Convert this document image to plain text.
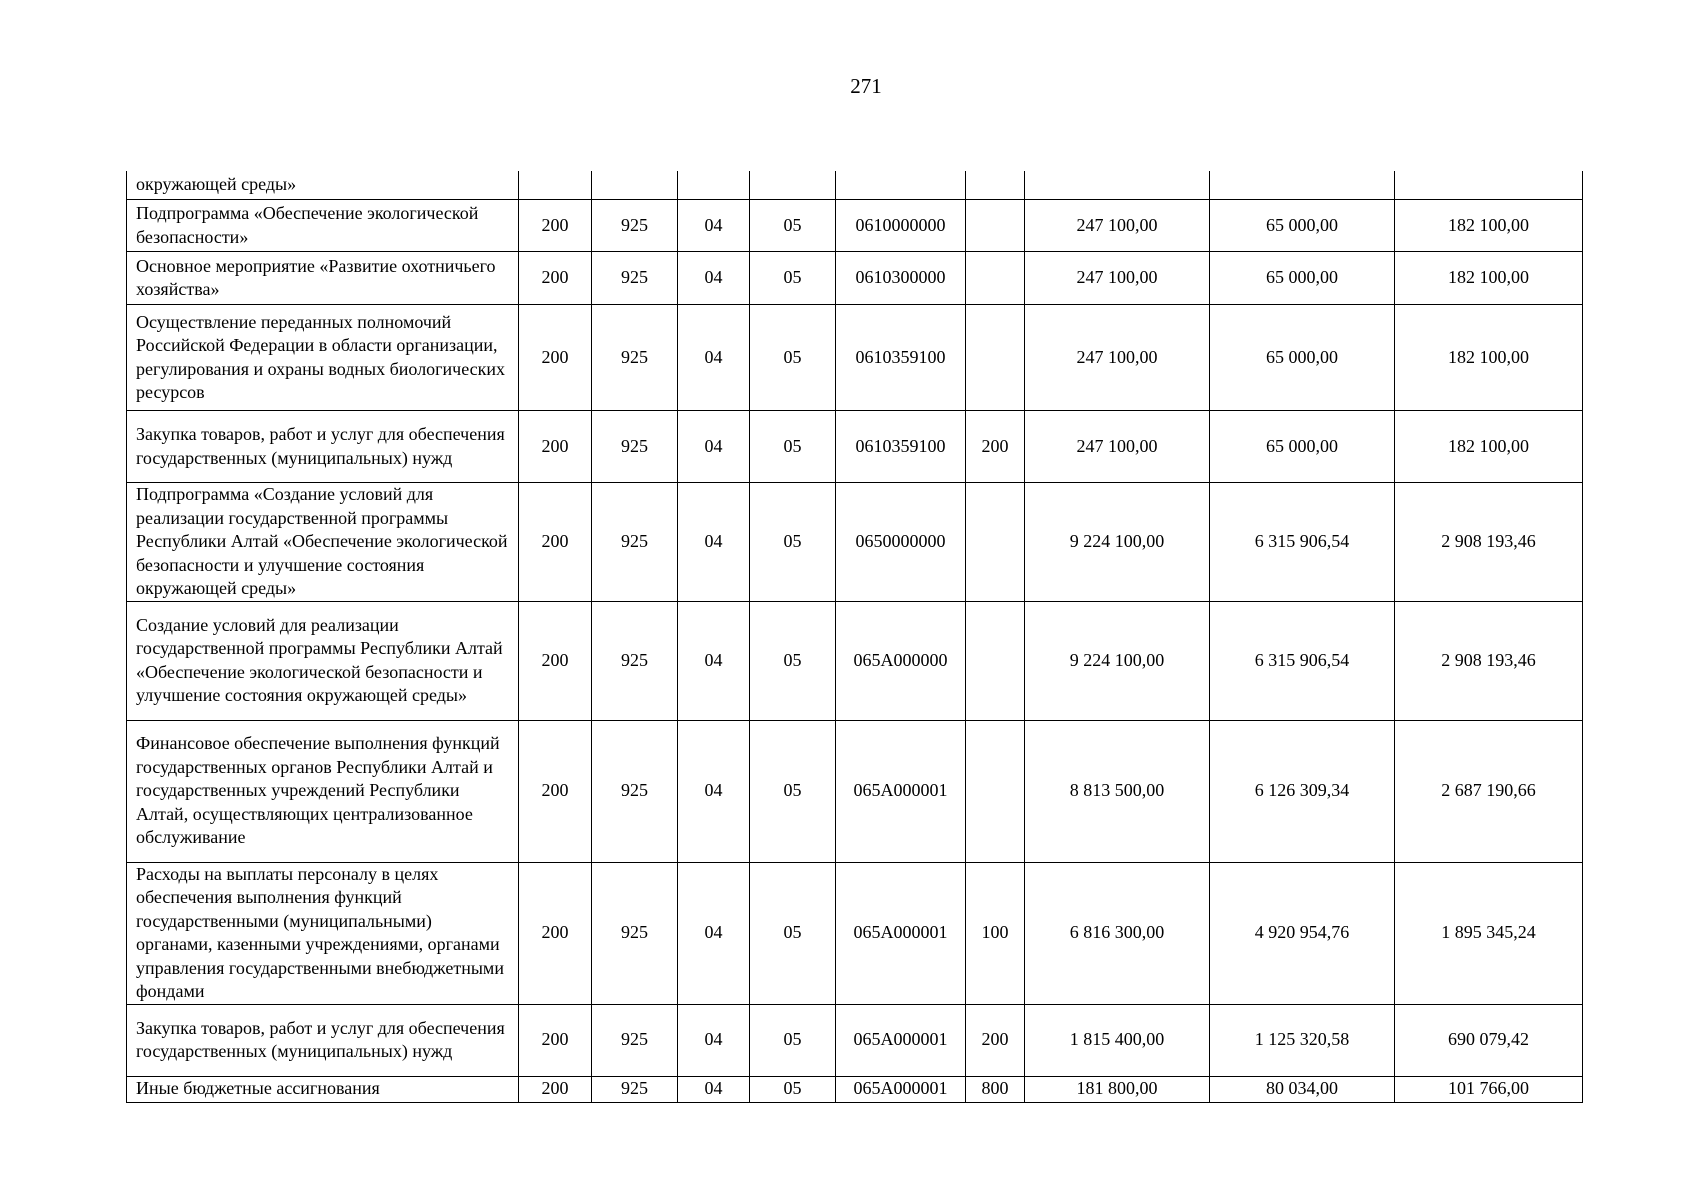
271
окружающей среды»									
Подпрограмма «Обеспечение экологической безопасности»	200	925	04	05	0610000000		247 100,00	65 000,00	182 100,00
Основное мероприятие «Развитие охотничьего хозяйства»	200	925	04	05	0610300000		247 100,00	65 000,00	182 100,00
Осуществление переданных полномочий Российской Федерации в области организации, регулирования и охраны водных биологических ресурсов	200	925	04	05	0610359100		247 100,00	65 000,00	182 100,00
Закупка товаров, работ и услуг для обеспечения государственных (муниципальных) нужд	200	925	04	05	0610359100	200	247 100,00	65 000,00	182 100,00
Подпрограмма «Создание условий для реализации государственной программы Республики Алтай «Обеспечение экологической безопасности и улучшение состояния окружающей среды»	200	925	04	05	0650000000		9 224 100,00	6 315 906,54	2 908 193,46
Создание условий для реализации государственной программы Республики Алтай «Обеспечение экологической безопасности и улучшение состояния окружающей среды»	200	925	04	05	065A000000		9 224 100,00	6 315 906,54	2 908 193,46
Финансовое обеспечение выполнения функций государственных органов Республики Алтай и государственных учреждений Республики Алтай, осуществляющих централизованное обслуживание	200	925	04	05	065A000001		8 813 500,00	6 126 309,34	2 687 190,66
Расходы на выплаты персоналу в целях обеспечения выполнения функций государственными (муниципальными) органами, казенными учреждениями, органами управления государственными внебюджетными фондами	200	925	04	05	065A000001	100	6 816 300,00	4 920 954,76	1 895 345,24
Закупка товаров, работ и услуг для обеспечения государственных (муниципальных) нужд	200	925	04	05	065A000001	200	1 815 400,00	1 125 320,58	690 079,42
Иные бюджетные ассигнования	200	925	04	05	065A000001	800	181 800,00	80 034,00	101 766,00
